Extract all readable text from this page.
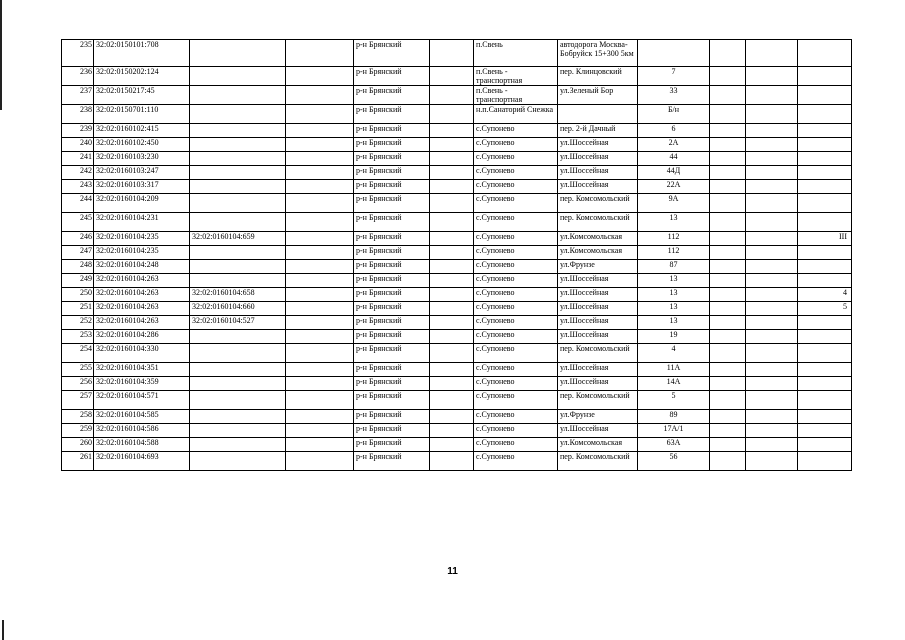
235	32:02:0150101:708			р-н Брянский		п.Свень	автодорога Москва-Бобруйск 15+300 5км				
236	32:02:0150202:124			р-н Брянский		п.Свень - транспортная	пер. Клинцовский	7			
237	32:02:0150217:45			р-н Брянский		п.Свень - транспортная	ул.Зеленый Бор	33			
238	32:02:0150701:110			р-н Брянский		н.п.Санаторий Снежка		Б/н			
239	32:02:0160102:415			р-н Брянский		с.Супонево	пер. 2-й Дачный	6			
240	32:02:0160102:450			р-н Брянский		с.Супонево	ул.Шоссейная	2А			
241	32:02:0160103:230			р-н Брянский		с.Супонево	ул.Шоссейная	44			
242	32:02:0160103:247			р-н Брянский		с.Супонево	ул.Шоссейная	44Д			
243	32:02:0160103:317			р-н Брянский		с.Супонево	ул.Шоссейная	22А			
244	32:02:0160104:209			р-н Брянский		с.Супонево	пер. Комсомольский	9А			
245	32:02:0160104:231			р-н Брянский		с.Супонево	пер. Комсомольский	13			
246	32:02:0160104:235	32:02:0160104:659		р-н Брянский		с.Супонево	ул.Комсомольская	112			III
247	32:02:0160104:235			р-н Брянский		с.Супонево	ул.Комсомольская	112			
248	32:02:0160104:248			р-н Брянский		с.Супонево	ул.Фрунзе	87			
249	32:02:0160104:263			р-н Брянский		с.Супонево	ул.Шоссейная	13			
250	32:02:0160104:263	32:02:0160104:658		р-н Брянский		с.Супонево	ул.Шоссейная	13			4
251	32:02:0160104:263	32:02:0160104:660		р-н Брянский		с.Супонево	ул.Шоссейная	13			5
252	32:02:0160104:263	32:02:0160104:527		р-н Брянский		с.Супонево	ул.Шоссейная	13			
253	32:02:0160104:286			р-н Брянский		с.Супонево	ул.Шоссейная	19			
254	32:02:0160104:330			р-н Брянский		с.Супонево	пер. Комсомольский	4			
255	32:02:0160104:351			р-н Брянский		с.Супонево	ул.Шоссейная	11А			
256	32:02:0160104:359			р-н Брянский		с.Супонево	ул.Шоссейная	14А			
257	32:02:0160104:571			р-н Брянский		с.Супонево	пер. Комсомольский	5			
258	32:02:0160104:585			р-н Брянский		с.Супонево	ул.Фрунзе	89			
259	32:02:0160104:586			р-н Брянский		с.Супонево	ул.Шоссейная	17А/1			
260	32:02:0160104:588			р-н Брянский		с.Супонево	ул.Комсомольская	63А			
261	32:02:0160104:693			р-н Брянский		с.Супонево	пер. Комсомольский	56			
11
